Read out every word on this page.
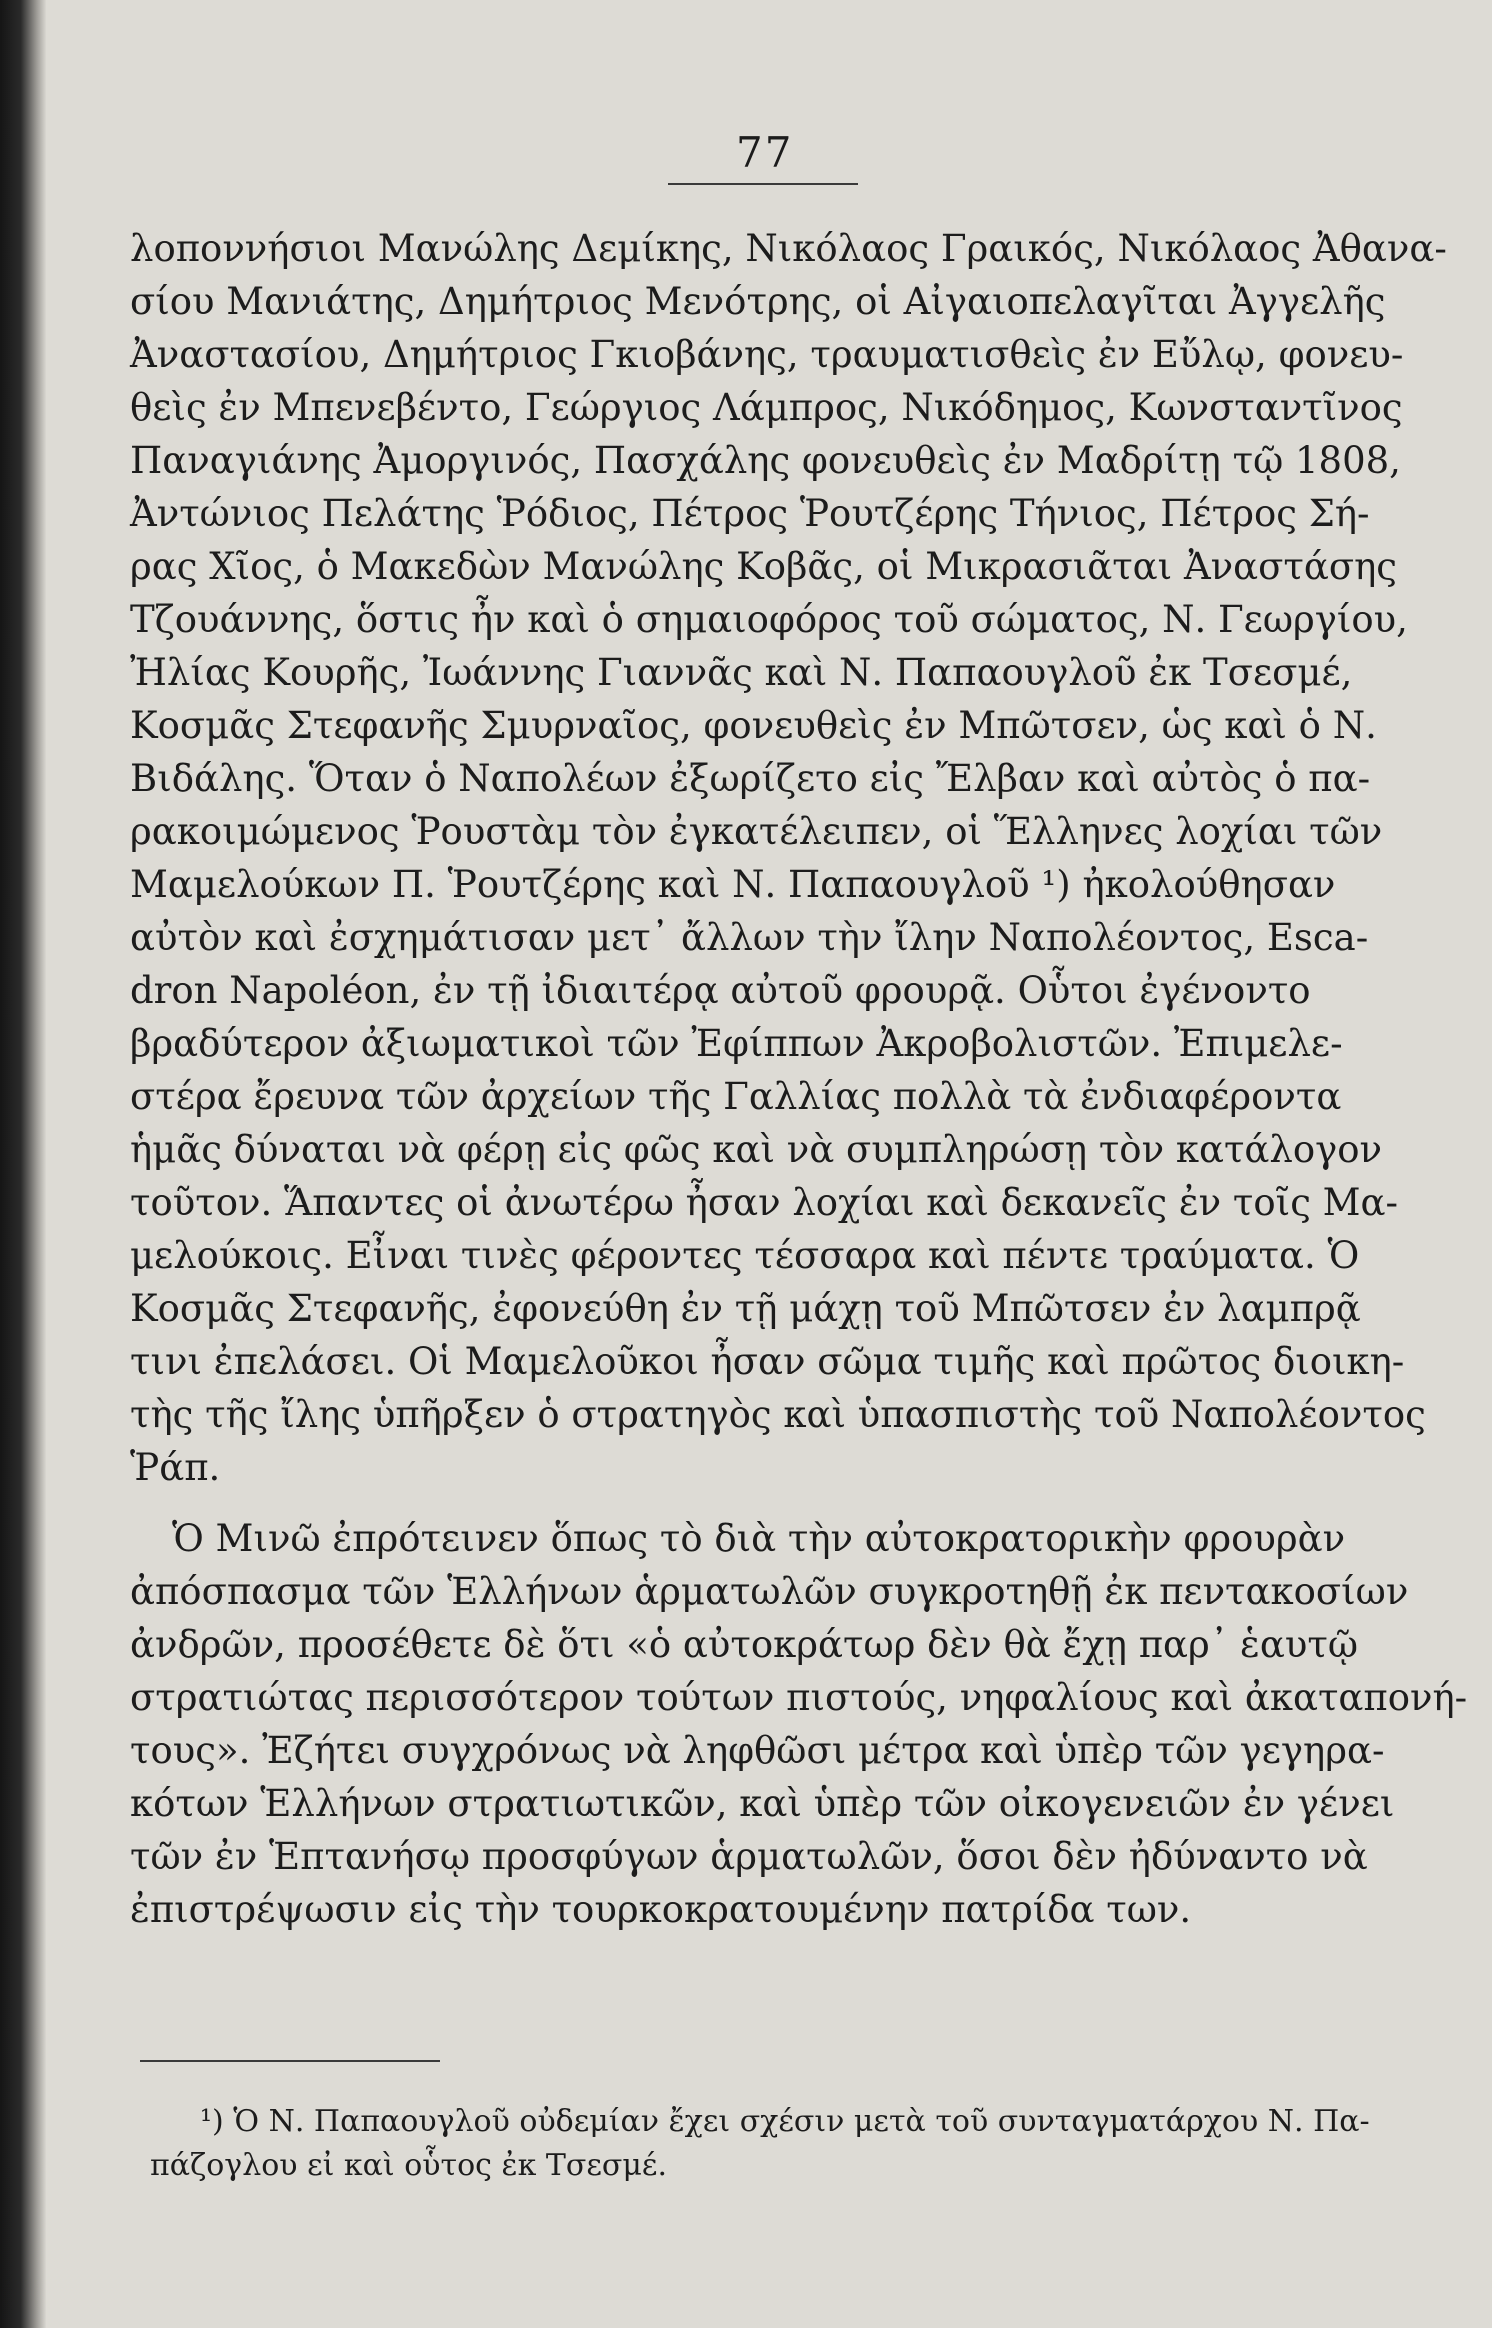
77
λοποννήσιοι Μανώλης Δεμίκης, Νικόλαος Γραικός, Νικόλαος Ἀθανα-
σίου Μανιάτης, Δημήτριος Μενότρης, οἱ Αἰγαιοπελαγῖται Ἀγγελῆς
Ἀναστασίου, Δημήτριος Γκιοβάνης, τραυματισθεὶς ἐν Εὔλῳ, φονευ-
θεὶς ἐν Μπενεβέντο, Γεώργιος Λάμπρος, Νικόδημος, Κωνσταντῖνος
Παναγιάνης Ἀμοργινός, Πασχάλης φονευθεὶς ἐν Μαδρίτῃ τῷ 1808,
Ἀντώνιος Πελάτης Ῥόδιος, Πέτρος Ῥουτζέρης Τήνιος, Πέτρος Σή-
ρας Χῖος, ὁ Μακεδὼν Μανώλης Κοβᾶς, οἱ Μικρασιᾶται Ἀναστάσης
Τζουάννης, ὅστις ἦν καὶ ὁ σημαιοφόρος τοῦ σώματος, Ν. Γεωργίου,
Ἠλίας Κουρῆς, Ἰωάννης Γιαννᾶς καὶ Ν. Παπαουγλοῦ ἐκ Τσεσμέ,
Κοσμᾶς Στεφανῆς Σμυρναῖος, φονευθεὶς ἐν Μπῶτσεν, ὡς καὶ ὁ Ν.
Βιδάλης. Ὅταν ὁ Ναπολέων ἐξωρίζετο εἰς Ἔλβαν καὶ αὐτὸς ὁ πα-
ρακοιμώμενος Ῥουστὰμ τὸν ἐγκατέλειπεν, οἱ Ἕλληνες λοχίαι τῶν
Μαμελούκων Π. Ῥουτζέρης καὶ Ν. Παπαουγλοῦ ¹) ἠκολούθησαν
αὐτὸν καὶ ἐσχημάτισαν μετ᾽ ἄλλων τὴν ἴλην Ναπολέοντος, Esca-
dron Napoléon, ἐν τῇ ἰδιαιτέρᾳ αὐτοῦ φρουρᾷ. Οὗτοι ἐγένοντο
βραδύτερον ἀξιωματικοὶ τῶν Ἐφίππων Ἀκροβολιστῶν. Ἐπιμελε-
στέρα ἔρευνα τῶν ἀρχείων τῆς Γαλλίας πολλὰ τὰ ἐνδιαφέροντα
ἡμᾶς δύναται νὰ φέρῃ εἰς φῶς καὶ νὰ συμπληρώσῃ τὸν κατάλογον
τοῦτον. Ἅπαντες οἱ ἀνωτέρω ἦσαν λοχίαι καὶ δεκανεῖς ἐν τοῖς Μα-
μελούκοις. Εἶναι τινὲς φέροντες τέσσαρα καὶ πέντε τραύματα. Ὁ
Κοσμᾶς Στεφανῆς, ἐφονεύθη ἐν τῇ μάχῃ τοῦ Μπῶτσεν ἐν λαμπρᾷ
τινι ἐπελάσει. Οἱ Μαμελοῦκοι ἦσαν σῶμα τιμῆς καὶ πρῶτος διοικη-
τὴς τῆς ἴλης ὑπῆρξεν ὁ στρατηγὸς καὶ ὑπασπιστὴς τοῦ Ναπολέοντος
Ῥάπ.
Ὁ Μινῶ ἐπρότεινεν ὅπως τὸ διὰ τὴν αὐτοκρατορικὴν φρουρὰν
ἀπόσπασμα τῶν Ἑλλήνων ἁρματωλῶν συγκροτηθῇ ἐκ πεντακοσίων
ἀνδρῶν, προσέθετε δὲ ὅτι «ὁ αὐτοκράτωρ δὲν θὰ ἔχῃ παρ᾽ ἑαυτῷ
στρατιώτας περισσότερον τούτων πιστούς, νηφαλίους καὶ ἀκαταπονή-
τους». Ἐζήτει συγχρόνως νὰ ληφθῶσι μέτρα καὶ ὑπὲρ τῶν γεγηρα-
κότων Ἑλλήνων στρατιωτικῶν, καὶ ὑπὲρ τῶν οἰκογενειῶν ἐν γένει
τῶν ἐν Ἑπτανήσῳ προσφύγων ἁρματωλῶν, ὅσοι δὲν ἠδύναντο νὰ
ἐπιστρέψωσιν εἰς τὴν τουρκοκρατουμένην πατρίδα των.
¹) Ὁ Ν. Παπαουγλοῦ οὐδεμίαν ἔχει σχέσιν μετὰ τοῦ συνταγματάρχου Ν. Πα-
πάζογλου εἰ καὶ οὗτος ἐκ Τσεσμέ.
